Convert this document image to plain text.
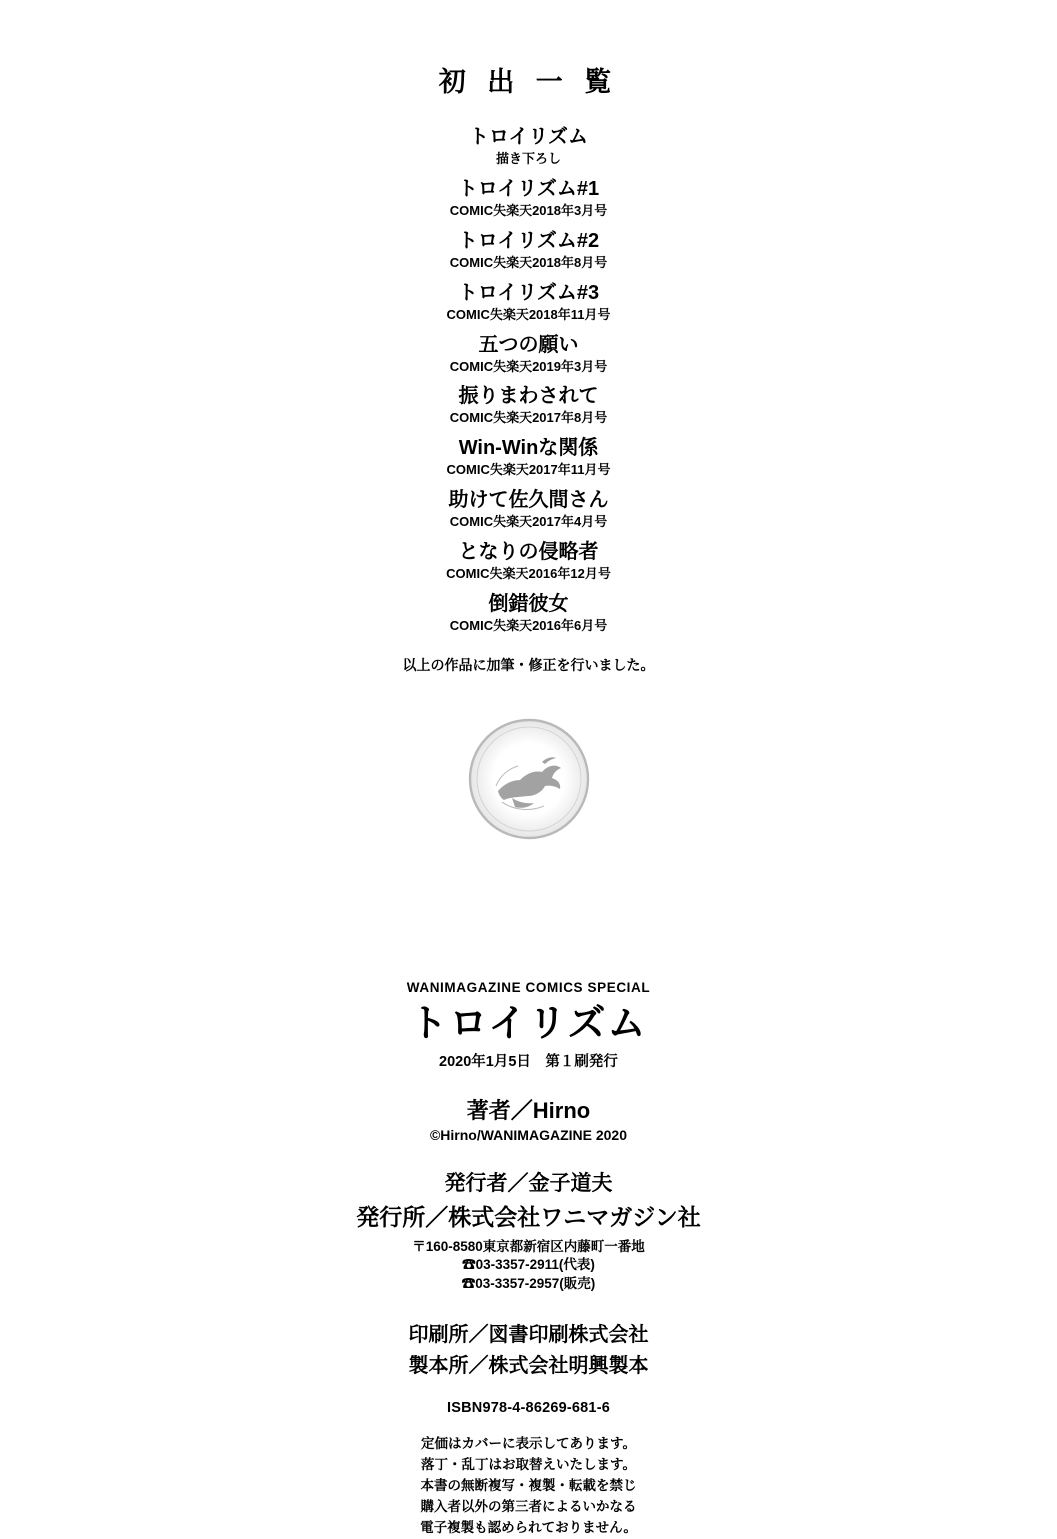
初 出 一 覧
トロイリズム
描き下ろし
トロイリズム#1
COMIC失楽天2018年3月号
トロイリズム#2
COMIC失楽天2018年8月号
トロイリズム#3
COMIC失楽天2018年11月号
五つの願い
COMIC失楽天2019年3月号
振りまわされて
COMIC失楽天2017年8月号
Win-Winな関係
COMIC失楽天2017年11月号
助けて佐久間さん
COMIC失楽天2017年4月号
となりの侵略者
COMIC失楽天2016年12月号
倒錯彼女
COMIC失楽天2016年6月号
以上の作品に加筆・修正を行いました。
WANIMAGAZINE COMICS SPECIAL
トロイリズム
2020年1月5日　第１刷発行
著者／Hirno
©Hirno/WANIMAGAZINE 2020
発行者／金子道夫
発行所／株式会社ワニマガジン社
〒160-8580東京都新宿区内藤町一番地
☎03-3357-2911(代表)
☎03-3357-2957(販売)
印刷所／図書印刷株式会社
製本所／株式会社明興製本
ISBN978-4-86269-681-6
定価はカバーに表示してあります。
落丁・乱丁はお取替えいたします。
本書の無断複写・複製・転載を禁じ
購入者以外の第三者によるいかなる
電子複製も認められておりません。
